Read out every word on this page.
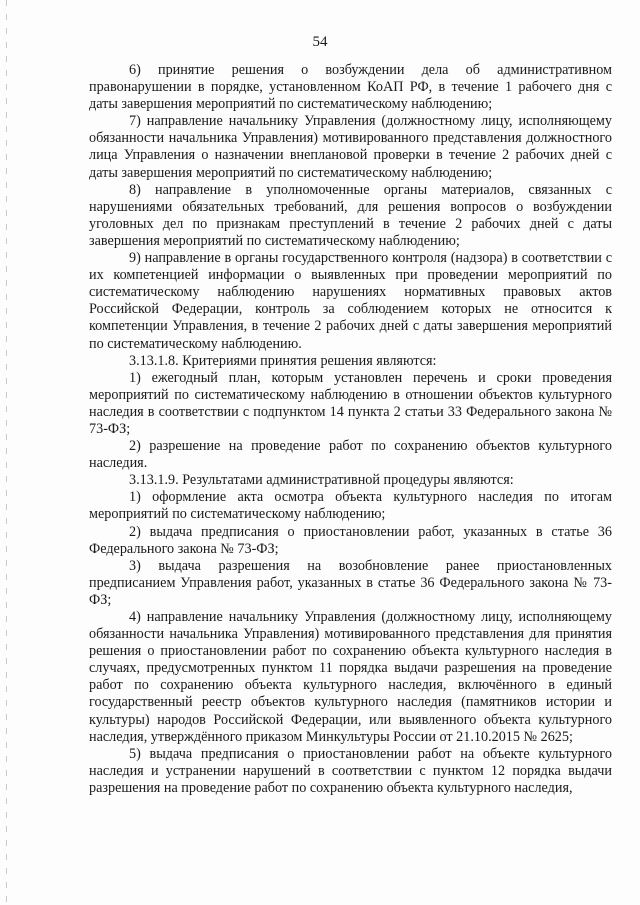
54

6) принятие решения о возбуждении дела об административном правонарушении в порядке, установленном КоАП РФ, в течение 1 рабочего дня с даты завершения мероприятий по систематическому наблюдению;

7) направление начальнику Управления (должностному лицу, исполняющему обязанности начальника Управления) мотивированного представления должностного лица Управления о назначении внеплановой проверки в течение 2 рабочих дней с даты завершения мероприятий по систематическому наблюдению;

8) направление в уполномоченные органы материалов, связанных с нарушениями обязательных требований, для решения вопросов о возбуждении уголовных дел по признакам преступлений в течение 2 рабочих дней с даты завершения мероприятий по систематическому наблюдению;

9) направление в органы государственного контроля (надзора) в соответствии с их компетенцией информации о выявленных при проведении мероприятий по систематическому наблюдению нарушениях нормативных правовых актов Российской Федерации, контроль за соблюдением которых не относится к компетенции Управления, в течение 2 рабочих дней с даты завершения мероприятий по систематическому наблюдению.

3.13.1.8. Критериями принятия решения являются:

1) ежегодный план, которым установлен перечень и сроки проведения мероприятий по систематическому наблюдению в отношении объектов культурного наследия в соответствии с подпунктом 14 пункта 2 статьи 33 Федерального закона № 73-ФЗ;

2) разрешение на проведение работ по сохранению объектов культурного наследия.

3.13.1.9. Результатами административной процедуры являются:

1) оформление акта осмотра объекта культурного наследия по итогам мероприятий по систематическому наблюдению;

2) выдача предписания о приостановлении работ, указанных в статье 36 Федерального закона № 73-ФЗ;

3) выдача разрешения на возобновление ранее приостановленных предписанием Управления работ, указанных в статье 36 Федерального закона № 73-ФЗ;

4) направление начальнику Управления (должностному лицу, исполняющему обязанности начальника Управления) мотивированного представления для принятия решения о приостановлении работ по сохранению объекта культурного наследия в случаях, предусмотренных пунктом 11 порядка выдачи разрешения на проведение работ по сохранению объекта культурного наследия, включённого в единый государственный реестр объектов культурного наследия (памятников истории и культуры) народов Российской Федерации, или выявленного объекта культурного наследия, утверждённого приказом Минкультуры России от 21.10.2015 № 2625;

5) выдача предписания о приостановлении работ на объекте культурного наследия и устранении нарушений в соответствии с пунктом 12 порядка выдачи разрешения на проведение работ по сохранению объекта культурного наследия,
